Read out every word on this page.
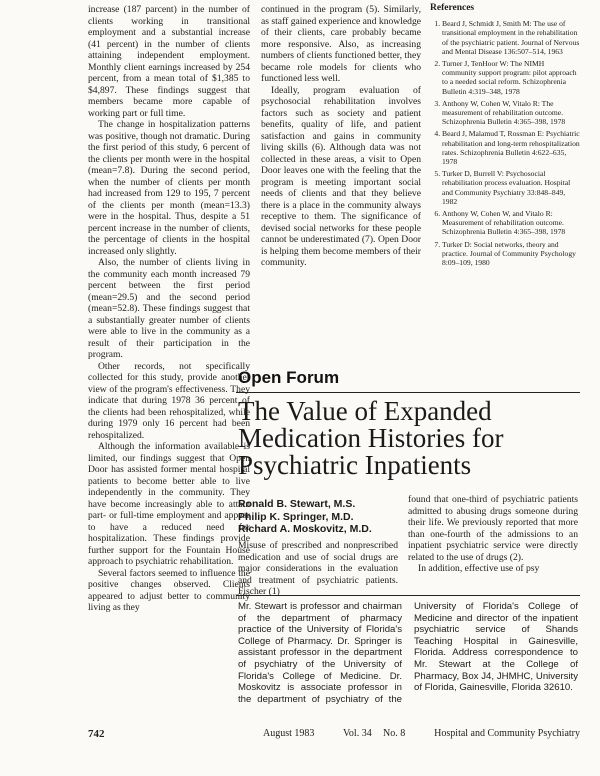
increase (187 parcent) in the number of clients working in transitional employment and a substantial increase (41 percent) in the number of clients attaining independent employment. Monthly client earnings increased by 254 percent, from a mean total of $1,385 to $4,897. These findings suggest that members became more capable of working part or full time.

The change in hospitalization patterns was positive, though not dramatic. During the first period of this study, 6 percent of the clients per month were in the hospital (mean=7.8). During the second period, when the number of clients per month had increased from 129 to 195, 7 percent of the clients per month (mean=13.3) were in the hospital. Thus, despite a 51 percent increase in the number of clients, the percentage of clients in the hospital increased only slightly.

Also, the number of clients living in the community each month increased 79 percent between the first period (mean=29.5) and the second period (mean=52.8). These findings suggest that a substantially greater number of clients were able to live in the community as a result of their participation in the program.

Other records, not specifically collected for this study, provide another view of the program's effectiveness. They indicate that during 1978 36 percent of the clients had been rehospitalized, while during 1979 only 16 percent had been rehospitalized.

Although the information available is limited, our findings suggest that Open Door has assisted former mental hospital patients to become better able to live independently in the community. They have become increasingly able to attain part- or full-time employment and appear to have a reduced need for hospitalization. These findings provide further support for the Fountain House approach to psychiatric rehabilitation.

Several factors seemed to influence the positive changes observed. Clients appeared to adjust better to community living as they

continued in the program (5). Similarly, as staff gained experience and knowledge of their clients, care probably became more responsive. Also, as increasing numbers of clients functioned better, they became role models for clients who functioned less well.

Ideally, program evaluation of psychosocial rehabilitation involves factors such as society and patient benefits, quality of life, and patient satisfaction and gains in community living skills (6). Although data was not collected in these areas, a visit to Open Door leaves one with the feeling that the program is meeting important social needs of clients and that they believe there is a place in the community always receptive to them. The significance of devised social networks for these people cannot be underestimated (7). Open Door is helping them become members of their community.

References
1. Beard J, Schmidt J, Smith M: The use of transitional employment in the rehabilitation of the psychiatric patient. Journal of Nervous and Mental Disease 136:507–514, 1963
2. Turner J, TenHoor W: The NIMH community support program: pilot approach to a needed social reform. Schizophrenia Bulletin 4:319–348, 1978
3. Anthony W, Cohen W, Vitalo R: The measurement of rehabilitation outcome. Schizophrenia Bulletin 4:365–398, 1978
4. Beard J, Malamud T, Rossman E: Psychiatric rehabilitation and long-term rehospitalization rates. Schizophrenia Bulletin 4:622–635, 1978
5. Turker D, Burrell V: Psychosocial rehabilitation process evaluation. Hospital and Community Psychiatry 33:848–849, 1982
6. Anthony W, Cohen W, and Vitalo R: Measurement of rehabilitation outcome. Schizophrenia Bulletin 4:365–398, 1978
7. Turker D: Social networks, theory and practice. Journal of Community Psychology 8:09–109, 1980
Open Forum
The Value of Expanded Medication Histories for Psychiatric Inpatients
Ronald B. Stewart, M.S.
Philip K. Springer, M.D.
Richard A. Moskovitz, M.D.

Misuse of prescribed and nonprescribed medication and use of social drugs are major considerations in the evaluation and treatment of psychiatric patients. Fischer (1)

found that one-third of psychiatric patients admitted to abusing drugs someone during their life. We previously reported that more than one-fourth of the admissions to an inpatient psychiatric service were directly related to the use of drugs (2).

In addition, effective use of psy

Mr. Stewart is professor and chairman of the department of pharmacy practice of the University of Florida's College of Pharmacy. Dr. Springer is assistant professor in the department of psychiatry of the University of Florida's College of Medicine. Dr. Moskovitz is associate professor in the department of psychiatry of the University of Florida's College of Medicine and director of the inpatient psychiatric service of Shands Teaching Hospital in Gainesville, Florida. Address correspondence to Mr. Stewart at the College of Pharmacy, Box J4, JHMHC, University of Florida, Gainesville, Florida 32610.
742	August 1983	Vol. 34 No. 8	Hospital and Community Psychiatry
